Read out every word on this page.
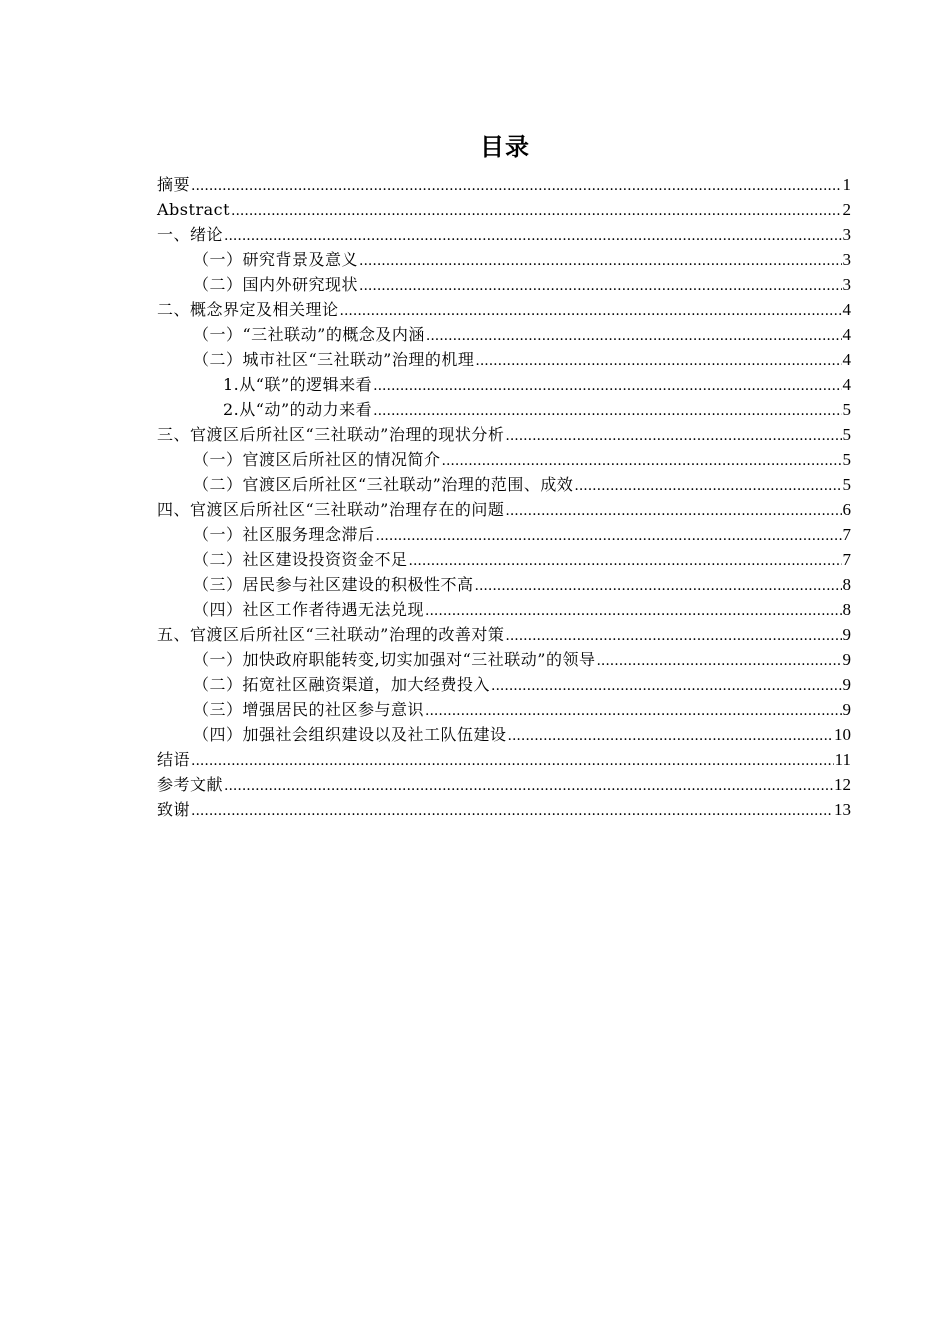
目录
摘要 .....	1
Abstract .....	2
一、绪论 .....	3
（一）研究背景及意义 .....	3
（二）国内外研究现状 .....	3
二、概念界定及相关理论 .....	4
（一）“三社联动”的概念及内涵 .....	4
（二）城市社区“三社联动”治理的机理 .....	4
1.从“联”的逻辑来看 .....	4
2.从“动”的动力来看 .....	5
三、官渡区后所社区“三社联动”治理的现状分析 .....	5
（一）官渡区后所社区的情况简介 .....	5
（二）官渡区后所社区“三社联动”治理的范围、成效 .....	5
四、官渡区后所社区“三社联动”治理存在的问题 .....	6
（一）社区服务理念滞后 .....	7
（二）社区建设投资资金不足 .....	7
（三）居民参与社区建设的积极性不高 .....	8
（四）社区工作者待遇无法兑现 .....	8
五、官渡区后所社区“三社联动”治理的改善对策 .....	9
（一）加快政府职能转变,切实加强对“三社联动”的领导 .....	9
（二）拓宽社区融资渠道，加大经费投入 .....	9
（三）增强居民的社区参与意识 .....	9
（四）加强社会组织建设以及社工队伍建设 .....	10
结语 .....	11
参考文献 .....	12
致谢 .....	13
